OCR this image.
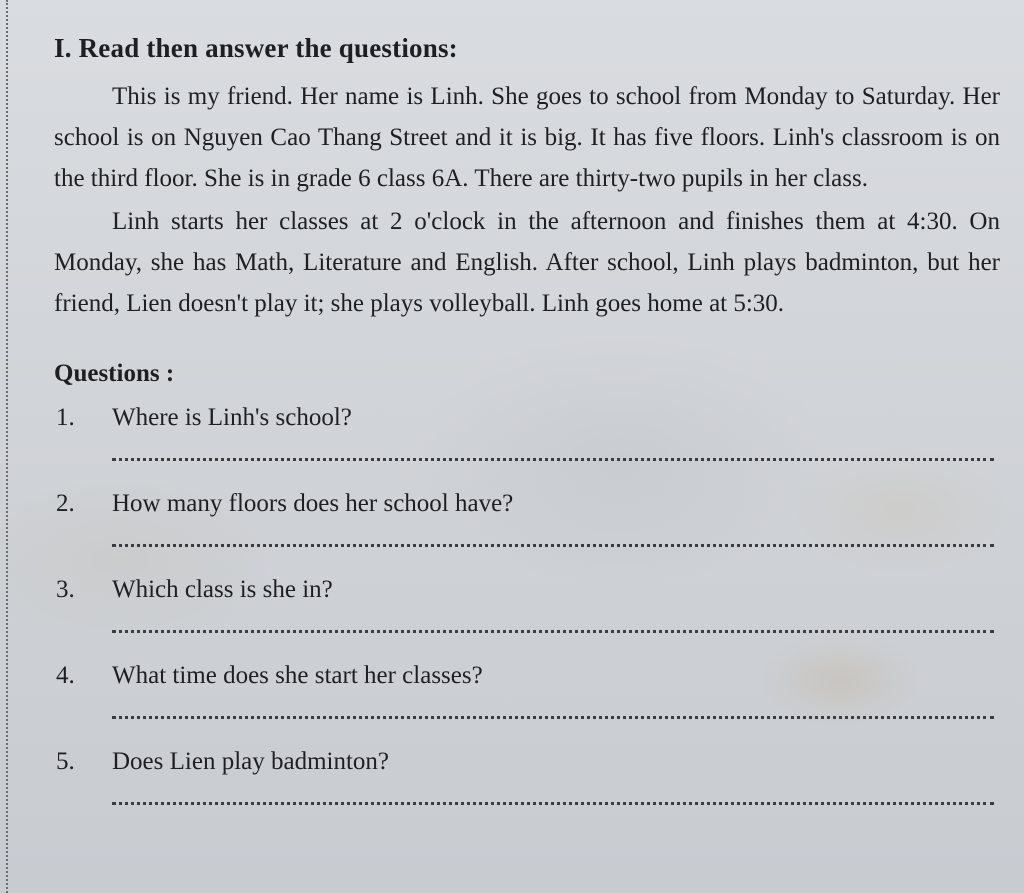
I. Read then answer the questions:

This is my friend. Her name is Linh. She goes to school from Monday to Saturday. Her school is on Nguyen Cao Thang Street and it is big. It has five floors. Linh's classroom is on the third floor. She is in grade 6 class 6A. There are thirty-two pupils in her class.

Linh starts her classes at 2 o'clock in the afternoon and finishes them at 4:30. On Monday, she has Math, Literature and English. After school, Linh plays badminton, but her friend, Lien doesn't play it; she plays volleyball. Linh goes home at 5:30.

Questions :
1. Where is Linh's school?
2. How many floors does her school have?
3. Which class is she in?
4. What time does she start her classes?
5. Does Lien play badminton?
